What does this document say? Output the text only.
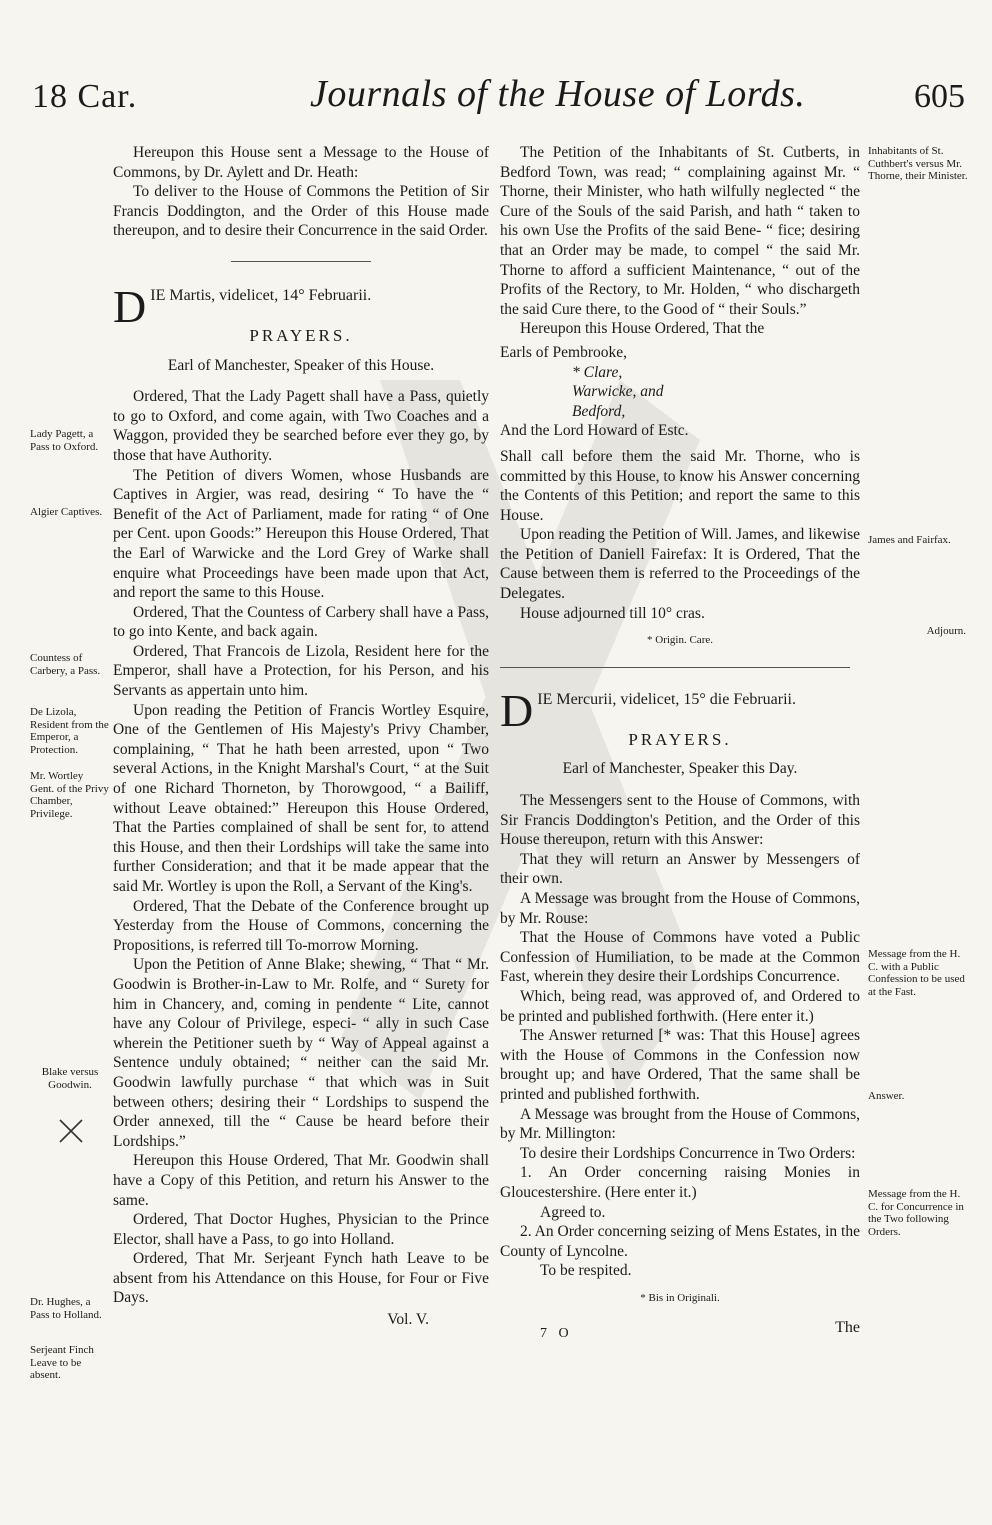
18 Car.	Journals of the House of Lords.	605
Lady Pagett, a Pass to Oxford.
Algier Captives.
Countess of Carbery, a Pass.
De Lizola, Resident from the Emperor, a Protection.
Mr. Wortley Gent. of the Privy Chamber, Privilege.
Blake versus Goodwin.
Dr. Hughes, a Pass to Holland.
Serjeant Finch Leave to be absent.
Inhabitants of St. Cuthbert's versus Mr. Thorne, their Minister.
James and Fairfax.
Adjourn.
Message from the H. C. with a Public Confession to be used at the Fast.
Answer.
Message from the H. C. for Concurrence in the Two following Orders.

Hereupon this House sent a Message to the House of Commons, by Dr. Aylett and Dr. Heath:

To deliver to the House of Commons the Petition of Sir Francis Doddington, and the Order of this House made thereupon, and to desire their Concurrence in the said Order.

D IE Martis, videlicet, 14° Februarii.
PRAYERS.
Earl of Manchester, Speaker of this House.

Ordered, That the Lady Pagett shall have a Pass, quietly to go to Oxford, and come again, with Two Coaches and a Waggon, provided they be searched before ever they go, by those that have Authority.

The Petition of divers Women, whose Husbands are Captives in Argier, was read, desiring “ To have the “ Benefit of the Act of Parliament, made for rating “ of One per Cent. upon Goods:” Hereupon this House Ordered, That the Earl of Warwicke and the Lord Grey of Warke shall enquire what Proceedings have been made upon that Act, and report the same to this House.

Ordered, That the Countess of Carbery shall have a Pass, to go into Kente, and back again.

Ordered, That Francois de Lizola, Resident here for the Emperor, shall have a Protection, for his Person, and his Servants as appertain unto him.

Upon reading the Petition of Francis Wortley Esquire, One of the Gentlemen of His Majesty's Privy Chamber, complaining, “ That he hath been arrested, upon “ Two several Actions, in the Knight Marshal's Court, “ at the Suit of one Richard Thorneton, by Thorowgood, “ a Bailiff, without Leave obtained:” Hereupon this House Ordered, That the Parties complained of shall be sent for, to attend this House, and then their Lordships will take the same into further Consideration; and that it be made appear that the said Mr. Wortley is upon the Roll, a Servant of the King's.

Ordered, That the Debate of the Conference brought up Yesterday from the House of Commons, concerning the Propositions, is referred till To-morrow Morning.

Upon the Petition of Anne Blake; shewing, “ That “ Mr. Goodwin is Brother-in-Law to Mr. Rolfe, and “ Surety for him in Chancery, and, coming in pendente “ Lite, cannot have any Colour of Privilege, especi- “ ally in such Case wherein the Petitioner sueth by “ Way of Appeal against a Sentence unduly obtained; “ neither can the said Mr. Goodwin lawfully purchase “ that which was in Suit between others; desiring their “ Lordships to suspend the Order annexed, till the “ Cause be heard before their Lordships.”

Hereupon this House Ordered, That Mr. Goodwin shall have a Copy of this Petition, and return his Answer to the same.

Ordered, That Doctor Hughes, Physician to the Prince Elector, shall have a Pass, to go into Holland.

Ordered, That Mr. Serjeant Fynch hath Leave to be absent from his Attendance on this House, for Four or Five Days.

Vol. V.

The Petition of the Inhabitants of St. Cutberts, in Bedford Town, was read; “ complaining against Mr. “ Thorne, their Minister, who hath wilfully neglected “ the Cure of the Souls of the said Parish, and hath “ taken to his own Use the Profits of the said Bene- “ fice; desiring that an Order may be made, to compel “ the said Mr. Thorne to afford a sufficient Maintenance, “ out of the Profits of the Rectory, to Mr. Holden, “ who dischargeth the said Cure there, to the Good of “ their Souls.”

Hereupon this House Ordered, That the

Earls of Pembrooke,
* Clare,
Warwicke, and
Bedford,
And the Lord Howard of Estc.

Shall call before them the said Mr. Thorne, who is committed by this House, to know his Answer concerning the Contents of this Petition; and report the same to this House.

Upon reading the Petition of Will. James, and likewise the Petition of Daniell Fairefax: It is Ordered, That the Cause between them is referred to the Proceedings of the Delegates.

House adjourned till 10° cras.

* Origin. Care.
D IE Mercurii, videlicet, 15° die Februarii.
PRAYERS.
Earl of Manchester, Speaker this Day.

The Messengers sent to the House of Commons, with Sir Francis Doddington's Petition, and the Order of this House thereupon, return with this Answer:

That they will return an Answer by Messengers of their own.

A Message was brought from the House of Commons, by Mr. Rouse:

That the House of Commons have voted a Public Confession of Humiliation, to be made at the Common Fast, wherein they desire their Lordships Concurrence.

Which, being read, was approved of, and Ordered to be printed and published forthwith. (Here enter it.)

The Answer returned [* was: That this House] agrees with the House of Commons in the Confession now brought up; and have Ordered, That the same shall be printed and published forthwith.

A Message was brought from the House of Commons, by Mr. Millington:

To desire their Lordships Concurrence in Two Orders:

1. An Order concerning raising Monies in Gloucestershire. (Here enter it.)

Agreed to.

2. An Order concerning seizing of Mens Estates, in the County of Lyncolne.

To be respited.

* Bis in Originali.
7 O	The
